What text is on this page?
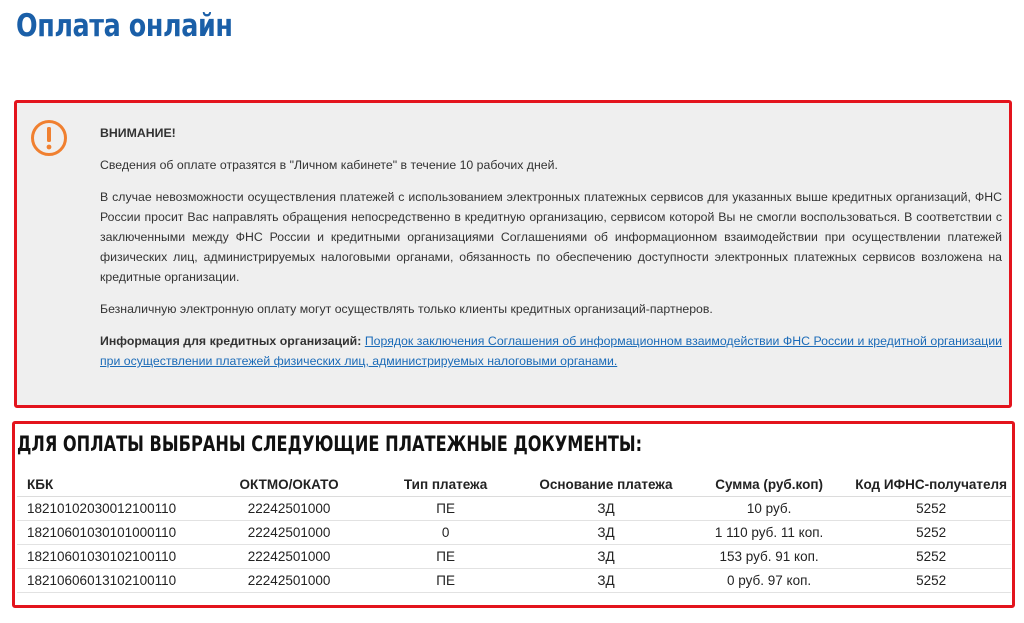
Оплата онлайн

ВНИМАНИЕ!

Сведения об оплате отразятся в "Личном кабинете" в течение 10 рабочих дней.

В случае невозможности осуществления платежей с использованием электронных платежных сервисов для указанных выше кредитных организаций, ФНС России просит Вас направлять обращения непосредственно в кредитную организацию, сервисом которой Вы не смогли воспользоваться. В соответствии с заключенными между ФНС России и кредитными организациями Соглашениями об информационном взаимодействии при осуществлении платежей физических лиц, администрируемых налоговыми органами, обязанность по обеспечению доступности электронных платежных сервисов возложена на кредитные организации.

Безналичную электронную оплату могут осуществлять только клиенты кредитных организаций-партнеров.

Информация для кредитных организаций: Порядок заключения Соглашения об информационном взаимодействии ФНС России и кредитной организации при осуществлении платежей физических лиц, администрируемых налоговыми органами.

ДЛЯ ОПЛАТЫ ВЫБРАНЫ СЛЕДУЮЩИЕ ПЛАТЕЖНЫЕ ДОКУМЕНТЫ:
КБК	ОКТМО/ОКАТО	Тип платежа	Основание платежа	Сумма (руб.коп)	Код ИФНС-получателя
18210102030012100110	22242501000	ПЕ	ЗД	10 руб.	5252
18210601030101000110	22242501000	0	ЗД	1 110 руб. 11 коп.	5252
18210601030102100110	22242501000	ПЕ	ЗД	153 руб. 91 коп.	5252
18210606013102100110	22242501000	ПЕ	ЗД	0 руб. 97 коп.	5252
